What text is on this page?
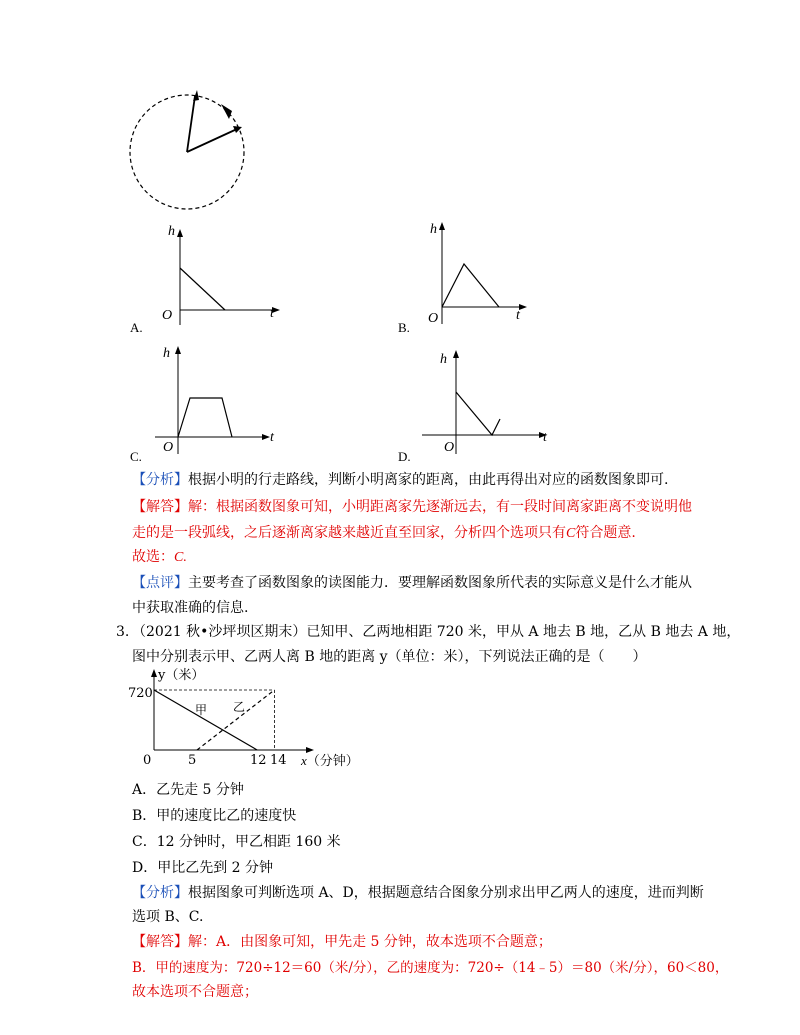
h
t
O
A.
h
t
O
B.
h
t
O
C.
h
t
O
D.
【分析】根据小明的行走路线，判断小明离家的距离，由此再得出对应的函数图象即可.
【解答】解：根据函数图象可知，小明距离家先逐渐远去，有一段时间离家距离不变说明他
走的是一段弧线，之后逐渐离家越来越近直至回家，分析四个选项只有C符合题意.
故选：C.
【点评】主要考查了函数图象的读图能力．要理解函数图象所代表的实际意义是什么才能从
中获取准确的信息.
3. （2021 秋•沙坪坝区期末）已知甲、乙两地相距 720 米，甲从 A 地去 B 地，乙从 B 地去 A 地，
图中分别表示甲、乙两人离 B 地的距离 y（单位：米），下列说法正确的是（　　）
y（米）
720
0	5	12 14 x（分钟）
甲 乙
A．乙先走 5 分钟
B．甲的速度比乙的速度快
C．12 分钟时，甲乙相距 160 米
D．甲比乙先到 2 分钟
【分析】根据图象可判断选项 A、D，根据题意结合图象分别求出甲乙两人的速度，进而判断
选项 B、C.
【解答】解：A．由图象可知，甲先走 5 分钟，故本选项不合题意；
B．甲的速度为：720÷12＝60（米/分），乙的速度为：720÷（14﹣5）＝80（米/分），60＜80，
故本选项不合题意；
